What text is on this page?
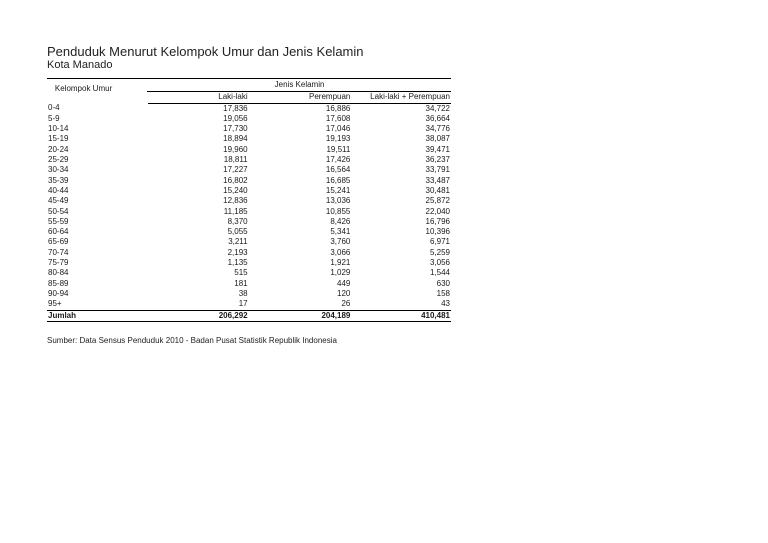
Penduduk Menurut Kelompok Umur dan Jenis Kelamin
Kota Manado
Kelompok Umur	Jenis Kelamin		
	Laki-laki	Perempuan	Laki-laki + Perempuan
0-4	17,836	16,886	34,722
5-9	19,056	17,608	36,664
10-14	17,730	17,046	34,776
15-19	18,894	19,193	38,087
20-24	19,960	19,511	39,471
25-29	18,811	17,426	36,237
30-34	17,227	16,564	33,791
35-39	16,802	16,685	33,487
40-44	15,240	15,241	30,481
45-49	12,836	13,036	25,872
50-54	11,185	10,855	22,040
55-59	8,370	8,426	16,796
60-64	5,055	5,341	10,396
65-69	3,211	3,760	6,971
70-74	2,193	3,066	5,259
75-79	1,135	1,921	3,056
80-84	515	1,029	1,544
85-89	181	449	630
90-94	38	120	158
95+	17	26	43
Jumlah	206,292	204,189	410,481
Sumber: Data Sensus Penduduk 2010 - Badan Pusat Statistik Republik Indonesia
